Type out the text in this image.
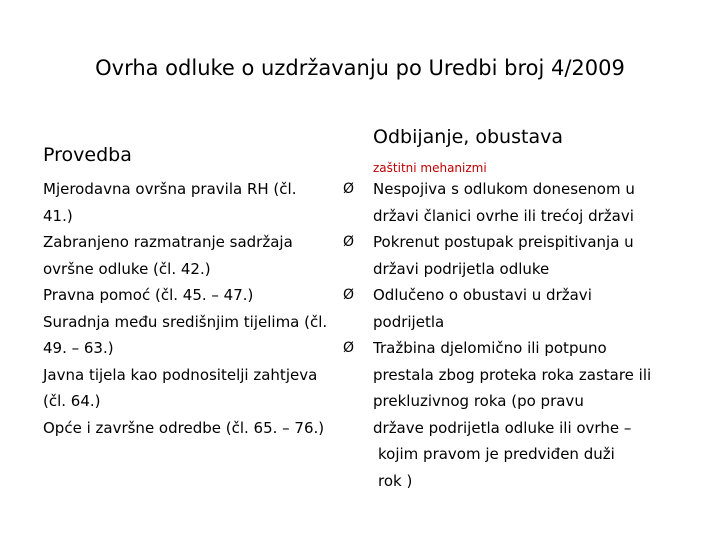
Ovrha odluke o uzdržavanju po Uredbi broj 4/2009
Provedba
Mjerodavna ovršna pravila RH (čl.
41.)
Zabranjeno razmatranje sadržaja
ovršne odluke (čl. 42.)
Pravna pomoć (čl. 45. – 47.)
Suradnja među središnjim tijelima (čl.
49. – 63.)
Javna tijela kao podnositelji zahtjeva
(čl. 64.)
Opće i završne odredbe (čl. 65. – 76.)
Odbijanje, obustava
zaštitni mehanizmi
Ø
Ø
Ø
Ø
Nespojiva s odlukom donesenom u
državi članici ovrhe ili trećoj državi
Pokrenut postupak preispitivanja u
državi podrijetla odluke
Odlučeno o obustavi u državi
podrijetla
Tražbina djelomično ili potpuno
prestala zbog proteka roka zastare ili
prekluzivnog roka (po pravu
države podrijetla odluke ili ovrhe –
kojim pravom je predviđen duži
rok )
